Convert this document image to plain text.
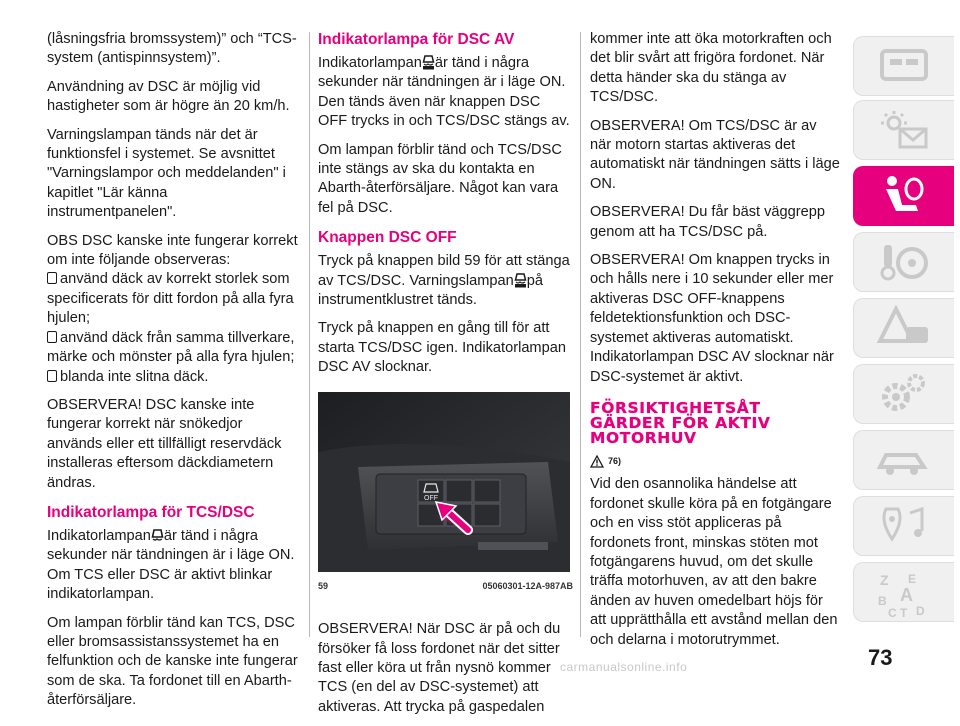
(låsningsfria bromssystem)” och “TCS-system (antispinnsystem)”.

Användning av DSC är möjlig vid hastigheter som är högre än 20 km/h.

Varningslampan tänds när det är funktionsfel i systemet. Se avsnittet "Varningslampor och meddelanden" i kapitlet "Lär känna instrumentpanelen".

OBS DSC kanske inte fungerar korrekt om inte följande observeras:
använd däck av korrekt storlek som specificerats för ditt fordon på alla fyra hjulen;
använd däck från samma tillverkare, märke och mönster på alla fyra hjulen;
blanda inte slitna däck.

OBSERVERA! DSC kanske inte fungerar korrekt när snökedjor används eller ett tillfälligt reservdäck installeras eftersom däckdiametern ändras.

Indikatorlampa för TCS/DSC

Indikatorlampan är tänd i några sekunder när tändningen är i läge ON. Om TCS eller DSC är aktivt blinkar indikatorlampan.

Om lampan förblir tänd kan TCS, DSC eller bromsassistanssystemet ha en felfunktion och de kanske inte fungerar som de ska. Ta fordonet till en Abarth-återförsäljare.

Indikatorlampa för DSC AV

Indikatorlampan är tänd i några sekunder när tändningen är i läge ON. Den tänds även när knappen DSC OFF trycks in och TCS/DSC stängs av.

Om lampan förblir tänd och TCS/DSC inte stängs av ska du kontakta en Abarth-återförsäljare. Något kan vara fel på DSC.

Knappen DSC OFF

Tryck på knappen bild 59 för att stänga av TCS/DSC. Varningslampan på instrumentklustret tänds.

Tryck på knappen en gång till för att starta TCS/DSC igen. Indikatorlampan DSC AV slocknar.

OFF
59	05060301-12A-987AB

OBSERVERA! När DSC är på och du försöker få loss fordonet när det sitter fast eller köra ut från nysnö kommer TCS (en del av DSC-systemet) att aktiveras. Att trycka på gaspedalen

kommer inte att öka motorkraften och det blir svårt att frigöra fordonet. När detta händer ska du stänga av TCS/DSC.

OBSERVERA! Om TCS/DSC är av när motorn startas aktiveras det automatiskt när tändningen sätts i läge ON.

OBSERVERA! Du får bäst väggrepp genom att ha TCS/DSC på.

OBSERVERA! Om knappen trycks in och hålls nere i 10 sekunder eller mer aktiveras DSC OFF-knappens feldetektionsfunktion och DSC-systemet aktiveras automatiskt. Indikatorlampan DSC AV slocknar när DSC-systemet är aktivt.

FÖRSIKTIGHETSÅT GÄRDER FÖR AKTIV MOTORHUV
76)

Vid den osannolika händelse att fordonet skulle köra på en fotgängare och en viss stöt appliceras på fordonets front, minskas stöten mot fotgängarens huvud, om det skulle träffa motorhuven, av att den bakre änden av huven omedelbart höjs för att upprätthålla ett avstånd mellan den och delarna i motorutrymmet.

Z E
B A
C T D
73
carmanualsonline.info
